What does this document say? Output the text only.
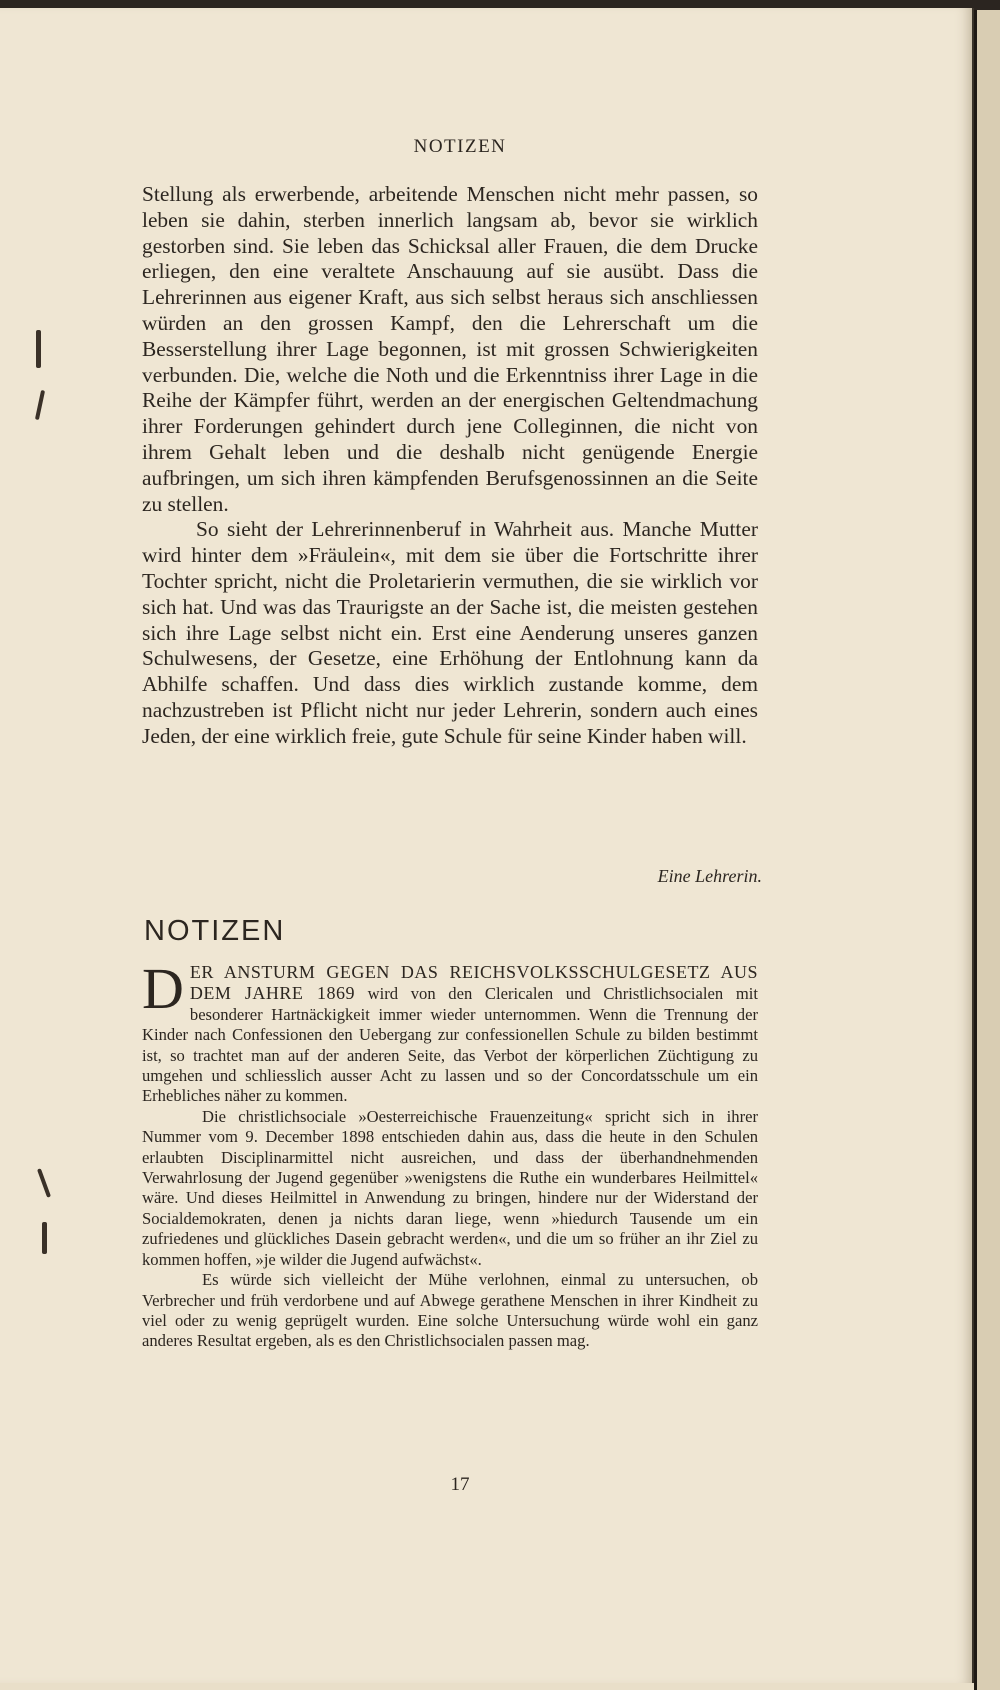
NOTIZEN

Stellung als erwerbende, arbeitende Menschen nicht mehr passen, so leben sie dahin, sterben innerlich langsam ab, bevor sie wirklich gestorben sind. Sie leben das Schicksal aller Frauen, die dem Drucke erliegen, den eine veraltete Anschauung auf sie ausübt. Dass die Lehrerinnen aus eigener Kraft, aus sich selbst heraus sich anschliessen würden an den grossen Kampf, den die Lehrerschaft um die Besserstellung ihrer Lage begonnen, ist mit grossen Schwierigkeiten verbunden. Die, welche die Noth und die Erkenntniss ihrer Lage in die Reihe der Kämpfer führt, werden an der energischen Geltendmachung ihrer Forderungen gehindert durch jene Colleginnen, die nicht von ihrem Gehalt leben und die deshalb nicht genügende Energie aufbringen, um sich ihren kämpfenden Berufsgenossinnen an die Seite zu stellen.

So sieht der Lehrerinnenberuf in Wahrheit aus. Manche Mutter wird hinter dem »Fräulein«, mit dem sie über die Fortschritte ihrer Tochter spricht, nicht die Proletarierin vermuthen, die sie wirklich vor sich hat. Und was das Traurigste an der Sache ist, die meisten gestehen sich ihre Lage selbst nicht ein. Erst eine Aenderung unseres ganzen Schulwesens, der Gesetze, eine Erhöhung der Entlohnung kann da Abhilfe schaffen. Und dass dies wirklich zustande komme, dem nachzustreben ist Pflicht nicht nur jeder Lehrerin, sondern auch eines Jeden, der eine wirklich freie, gute Schule für seine Kinder haben will.

Eine Lehrerin.
NOTIZEN

DER ANSTURM GEGEN DAS REICHSVOLKSSCHULGESETZ AUS DEM JAHRE 1869 wird von den Clericalen und Christlichsocialen mit besonderer Hartnäckigkeit immer wieder unternommen. Wenn die Trennung der Kinder nach Confessionen den Uebergang zur confessionellen Schule zu bilden bestimmt ist, so trachtet man auf der anderen Seite, das Verbot der körperlichen Züchtigung zu umgehen und schliesslich ausser Acht zu lassen und so der Concordatsschule um ein Erhebliches näher zu kommen.

Die christlichsociale »Oesterreichische Frauenzeitung« spricht sich in ihrer Nummer vom 9. December 1898 entschieden dahin aus, dass die heute in den Schulen erlaubten Disciplinarmittel nicht ausreichen, und dass der überhandnehmenden Verwahrlosung der Jugend gegenüber »wenigstens die Ruthe ein wunderbares Heilmittel« wäre. Und dieses Heilmittel in Anwendung zu bringen, hindere nur der Widerstand der Socialdemokraten, denen ja nichts daran liege, wenn »hiedurch Tausende um ein zufriedenes und glückliches Dasein gebracht werden«, und die um so früher an ihr Ziel zu kommen hoffen, »je wilder die Jugend aufwächst«.

Es würde sich vielleicht der Mühe verlohnen, einmal zu untersuchen, ob Verbrecher und früh verdorbene und auf Abwege gerathene Menschen in ihrer Kindheit zu viel oder zu wenig geprügelt wurden. Eine solche Untersuchung würde wohl ein ganz anderes Resultat ergeben, als es den Christlichsocialen passen mag.

17
